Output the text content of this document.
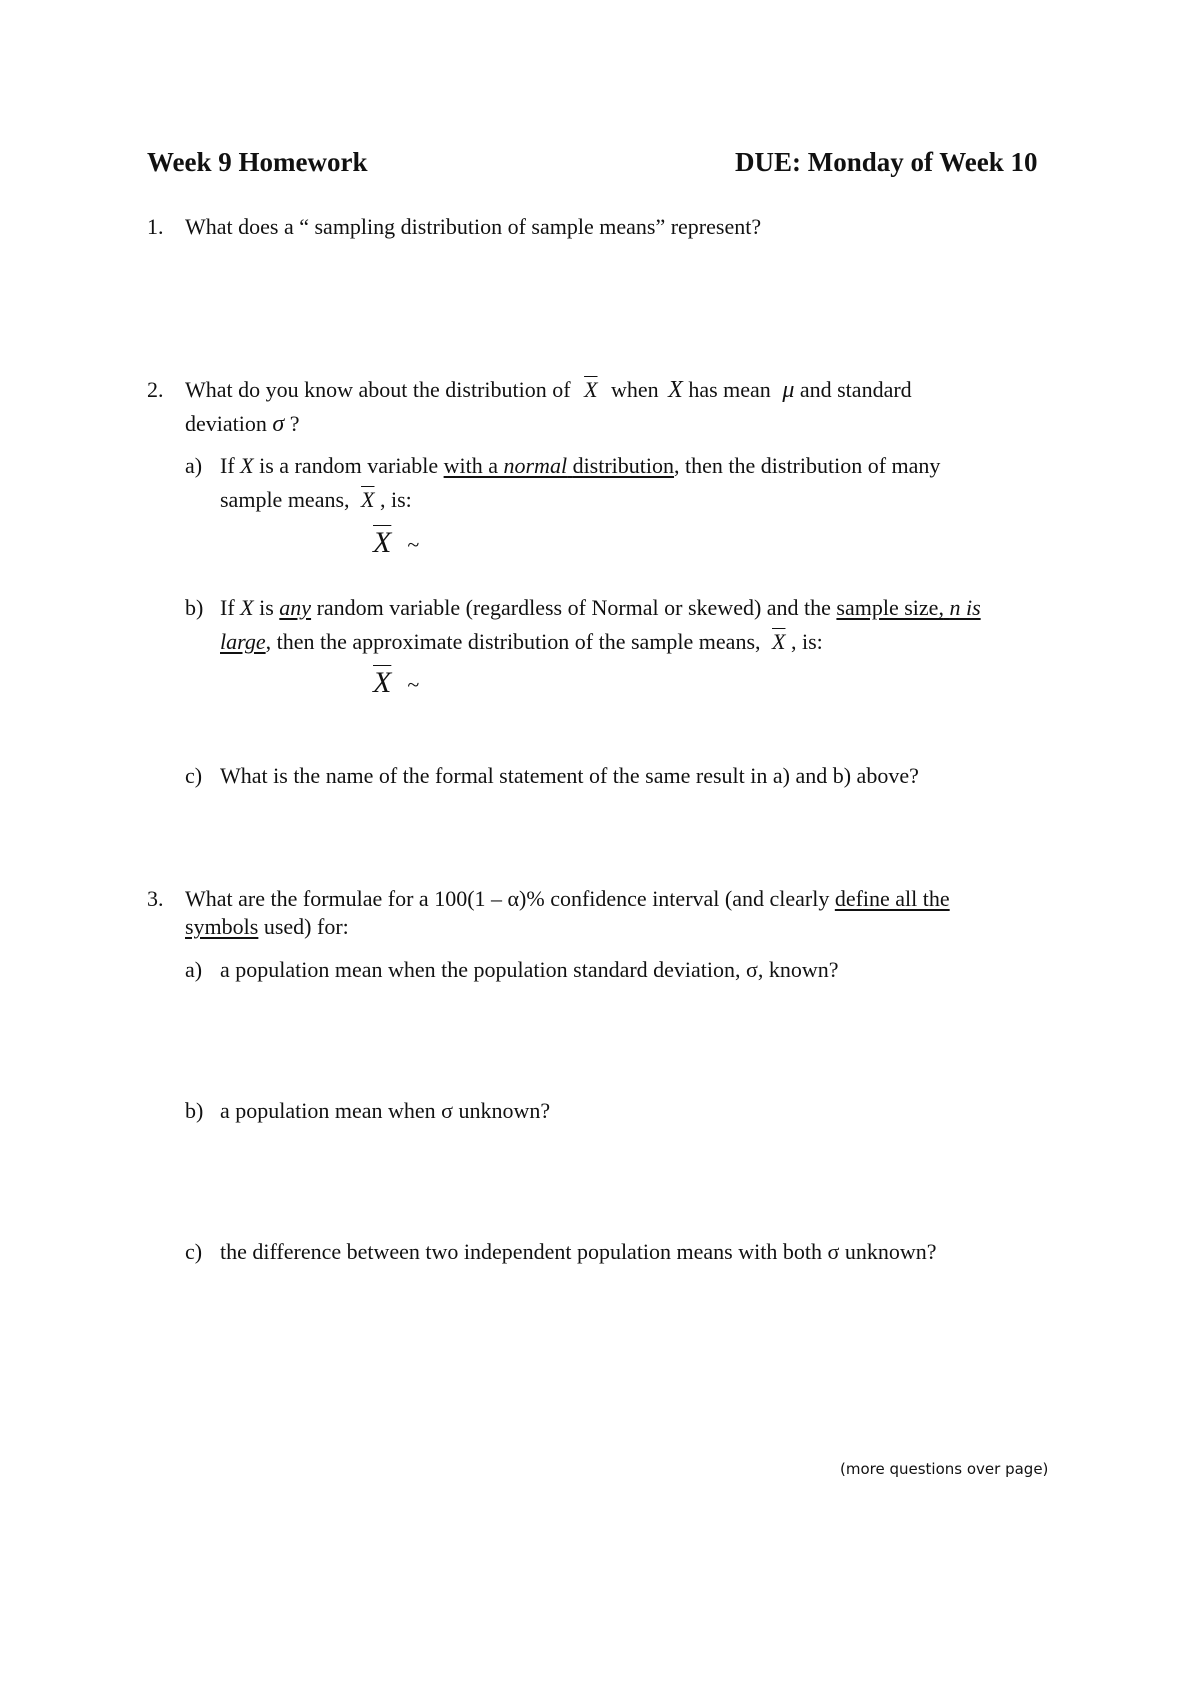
Week 9 Homework	DUE: Monday of Week 10
1. What does a “ sampling distribution of sample means” represent?
2. What do you know about the distribution of $\overline{X}$ when X has mean μ and standard
deviation σ ?
a) If X is a random variable with a normal distribution, then the distribution of many
sample means, $\overline{X}$ , is:
$\overline{X}$ ~
b) If X is any random variable (regardless of Normal or skewed) and the sample size, n is
large, then the approximate distribution of the sample means, $\overline{X}$ , is:
$\overline{X}$ ~
c) What is the name of the formal statement of the same result in a) and b) above?
3. What are the formulae for a 100(1 – α)% confidence interval (and clearly define all the
symbols used) for:
a) a population mean when the population standard deviation, σ, known?
b) a population mean when σ unknown?
c) the difference between two independent population means with both σ unknown?
(more questions over page)
